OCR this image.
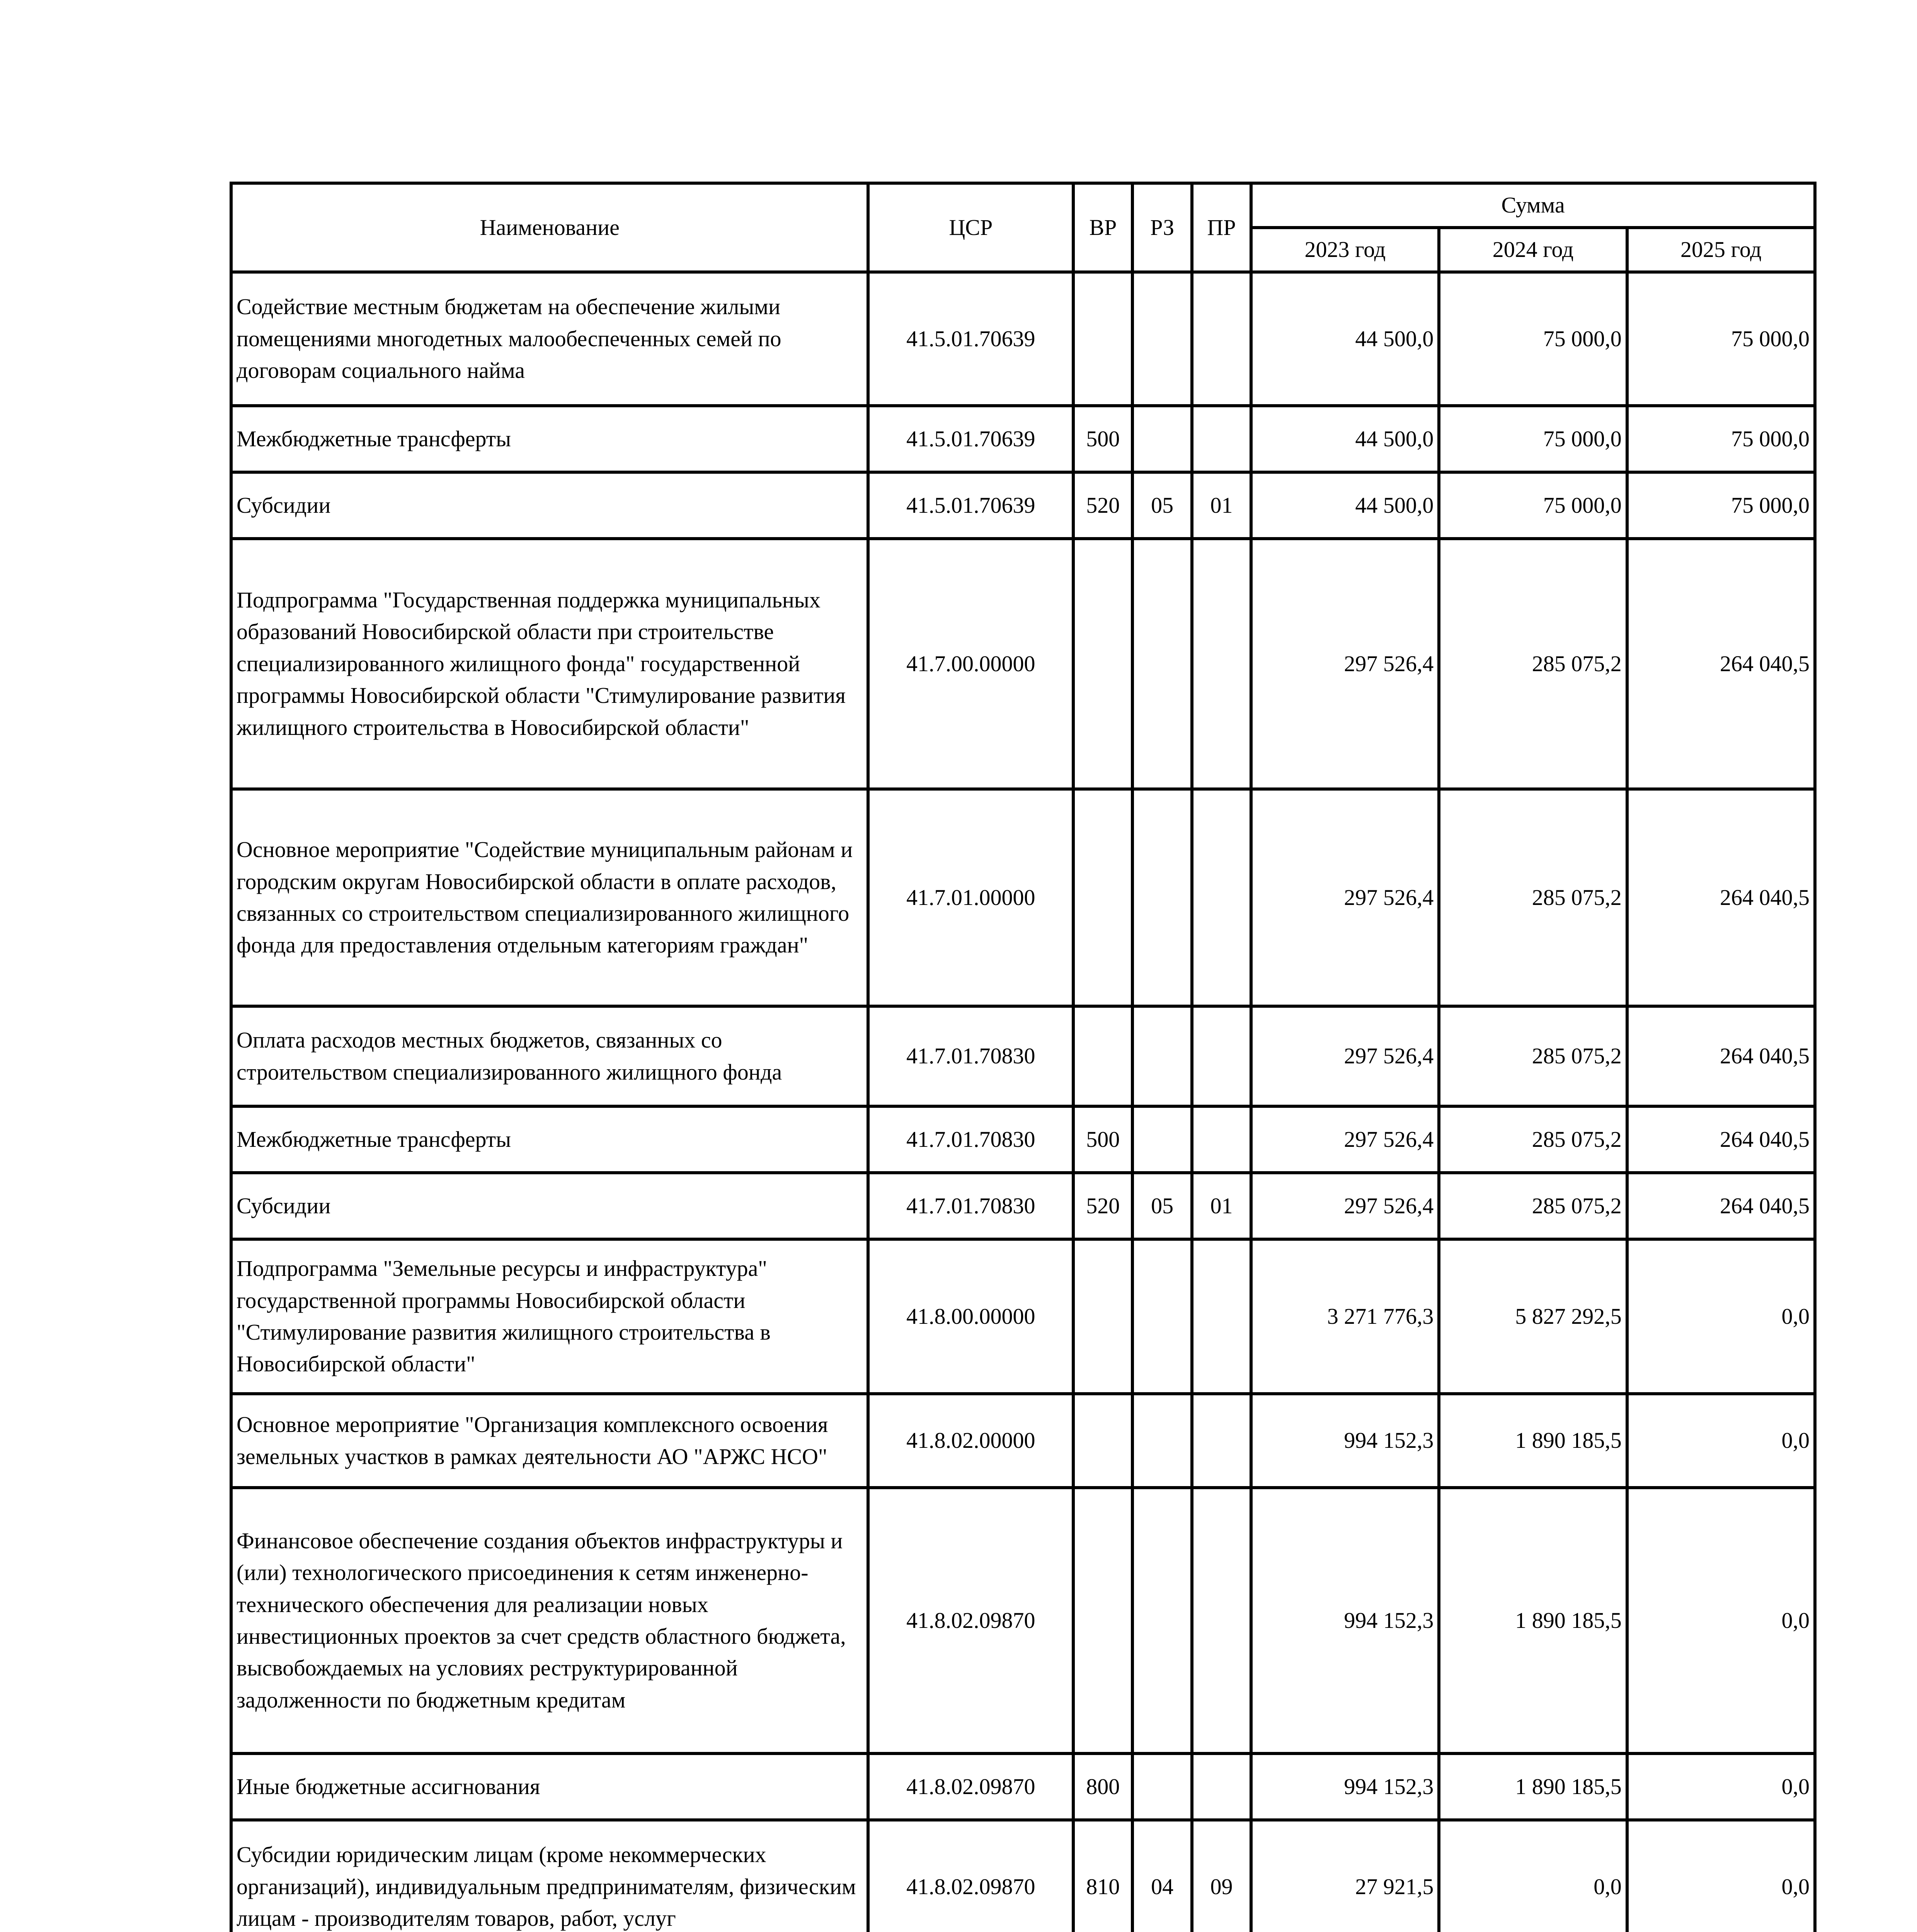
Наименование	ЦСР	ВР	РЗ	ПР	Сумма		
					2023 год	2024 год	2025 год
Содействие местным бюджетам на обеспечение жилыми помещениями многодетных малообеспеченных семей по договорам социального найма	41.5.01.70639				44 500,0	75 000,0	75 000,0
Межбюджетные трансферты	41.5.01.70639	500			44 500,0	75 000,0	75 000,0
Субсидии	41.5.01.70639	520	05	01	44 500,0	75 000,0	75 000,0
Подпрограмма "Государственная поддержка муниципальных образований Новосибирской области при строительстве специализированного жилищного фонда" государственной программы Новосибирской области "Стимулирование развития жилищного строительства в Новосибирской области"	41.7.00.00000				297 526,4	285 075,2	264 040,5
Основное мероприятие "Содействие муниципальным районам и городским округам Новосибирской области в оплате расходов, связанных со строительством специализированного жилищного фонда для предоставления отдельным категориям граждан"	41.7.01.00000				297 526,4	285 075,2	264 040,5
Оплата расходов местных бюджетов, связанных со строительством специализированного жилищного фонда	41.7.01.70830				297 526,4	285 075,2	264 040,5
Межбюджетные трансферты	41.7.01.70830	500			297 526,4	285 075,2	264 040,5
Субсидии	41.7.01.70830	520	05	01	297 526,4	285 075,2	264 040,5
Подпрограмма "Земельные ресурсы и инфраструктура" государственной программы Новосибирской области "Стимулирование развития жилищного строительства в Новосибирской области"	41.8.00.00000				3 271 776,3	5 827 292,5	0,0
Основное мероприятие "Организация комплексного освоения земельных участков в рамках деятельности АО "АРЖС НСО"	41.8.02.00000				994 152,3	1 890 185,5	0,0
Финансовое обеспечение создания объектов инфраструктуры и (или) технологического присоединения к сетям инженерно-технического обеспечения для реализации новых инвестиционных проектов за счет средств областного бюджета, высвобождаемых на условиях реструктурированной задолженности по бюджетным кредитам	41.8.02.09870				994 152,3	1 890 185,5	0,0
Иные бюджетные ассигнования	41.8.02.09870	800			994 152,3	1 890 185,5	0,0
Субсидии юридическим лицам (кроме некоммерческих организаций), индивидуальным предпринимателям, физическим лицам - производителям товаров, работ, услуг	41.8.02.09870	810	04	09	27 921,5	0,0	0,0
